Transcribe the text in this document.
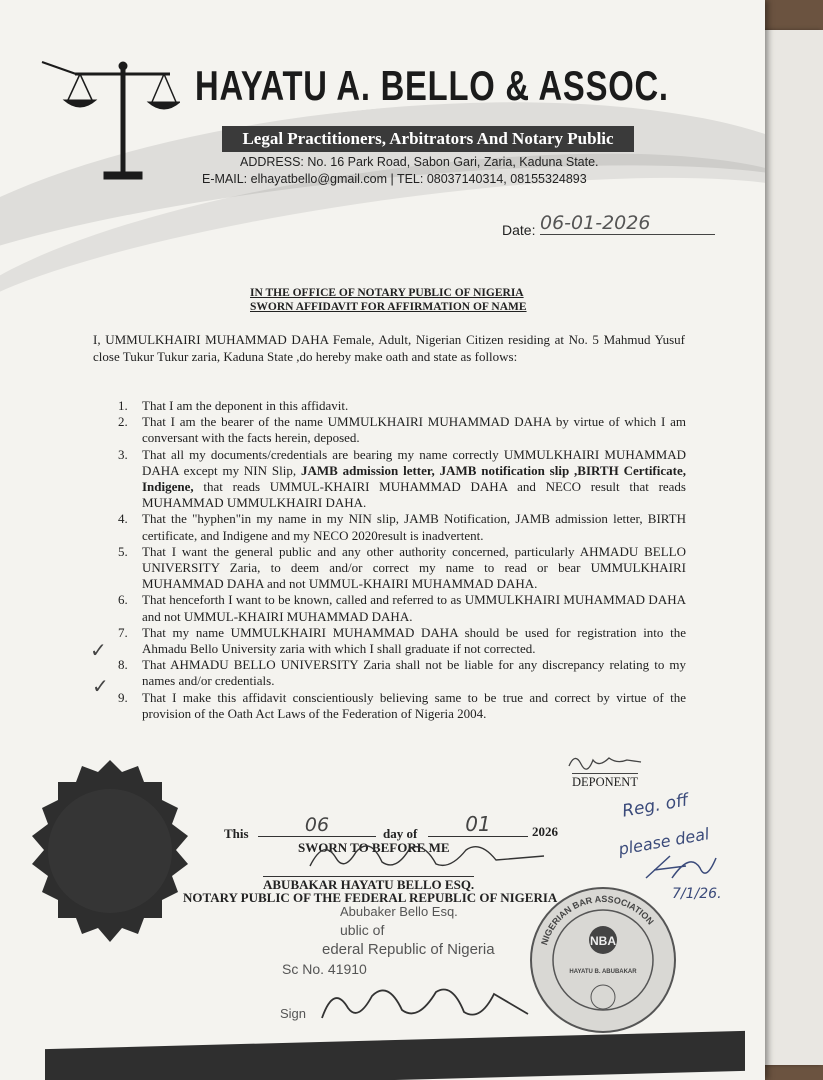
HAYATU A. BELLO & ASSOC.
Legal Practitioners, Arbitrators And Notary Public
ADDRESS: No. 16 Park Road, Sabon Gari, Zaria, Kaduna State.
E-MAIL: elhayatbello@gmail.com | TEL: 08037140314, 08155324893
Date: 06-01-2026
IN THE OFFICE OF NOTARY PUBLIC OF NIGERIA
SWORN AFFIDAVIT FOR AFFIRMATION OF NAME
I, UMMULKHAIRI MUHAMMAD DAHA Female, Adult, Nigerian Citizen residing at No. 5 Mahmud Yusuf close Tukur Tukur zaria, Kaduna State ,do hereby make oath and state as follows:
1. That I am the deponent in this affidavit.
2. That I am the bearer of the name UMMULKHAIRI MUHAMMAD DAHA by virtue of which I am conversant with the facts herein, deposed.
3. That all my documents/credentials are bearing my name correctly UMMULKHAIRI MUHAMMAD DAHA except my NIN Slip, JAMB admission letter, JAMB notification slip ,BIRTH Certificate, Indigene, that reads UMMUL-KHAIRI MUHAMMAD DAHA and NECO result that reads MUHAMMAD UMMULKHAIRI DAHA.
4. That the "hyphen"in my name in my NIN slip, JAMB Notification, JAMB admission letter, BIRTH certificate, and Indigene and my NECO 2020result is inadvertent.
5. That I want the general public and any other authority concerned, particularly AHMADU BELLO UNIVERSITY Zaria, to deem and/or correct my name to read or bear UMMULKHAIRI MUHAMMAD DAHA and not UMMUL-KHAIRI MUHAMMAD DAHA.
6. That henceforth I want to be known, called and referred to as UMMULKHAIRI MUHAMMAD DAHA and not UMMUL-KHAIRI MUHAMMAD DAHA.
7. That my name UMMULKHAIRI MUHAMMAD DAHA should be used for registration into the Ahmadu Bello University zaria with which I shall graduate if not corrected.
8. That AHMADU BELLO UNIVERSITY Zaria shall not be liable for any discrepancy relating to my names and/or credentials.
9. That I make this affidavit conscientiously believing same to be true and correct by virtue of the provision of the Oath Act Laws of the Federation of Nigeria 2004.
✓
✓
DEPONENT
This	06	day of	01	2026
SWORN TO BEFORE ME
ABUBAKAR HAYATU BELLO ESQ.
NOTARY PUBLIC OF THE FEDERAL REPUBLIC OF NIGERIA
Reg. off
please deal
7/1/26.
Abubaker Bello Esq.
ublic of
ederal Republic of Nigeria
Sc No. 41910
Sign
NIGERIAN BAR ASSOCIATION
NBA
HAYATU B. ABUBAKAR
